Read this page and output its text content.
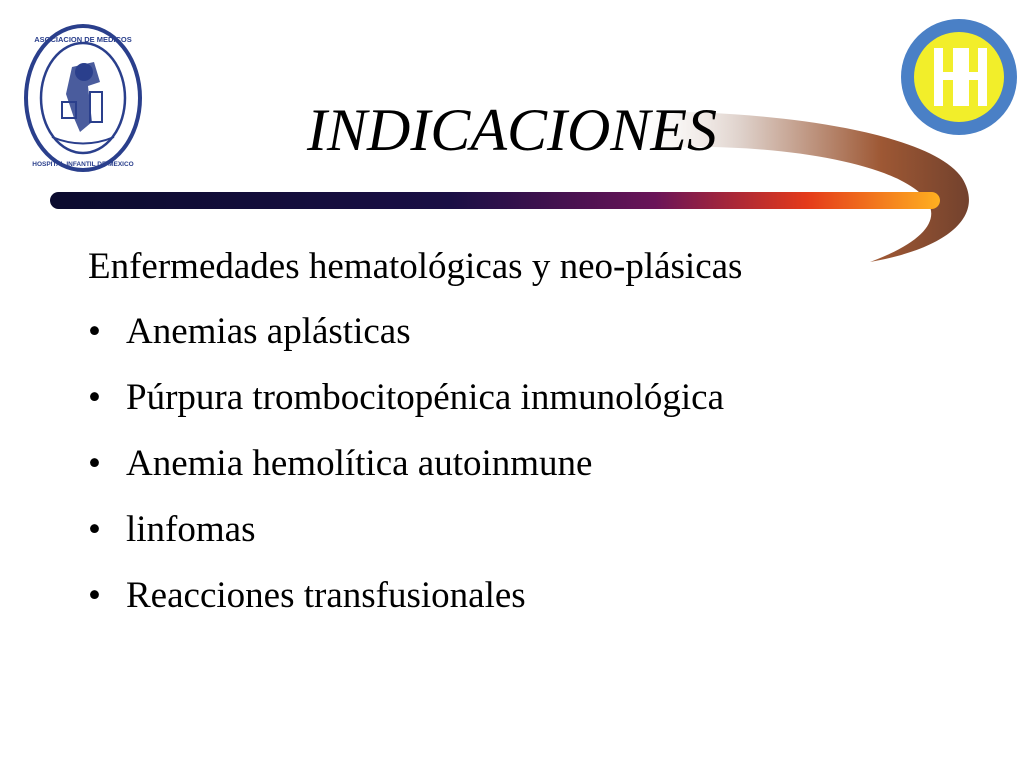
ASOCIACION DE MEDICOS
HOSPITAL INFANTIL DE MEXICO
INDICACIONES

Enfermedades hematológicas y neo-plásicas

• Anemias aplásticas
• Púrpura trombocitopénica inmunológica
• Anemia hemolítica autoinmune
• linfomas
• Reacciones transfusionales
